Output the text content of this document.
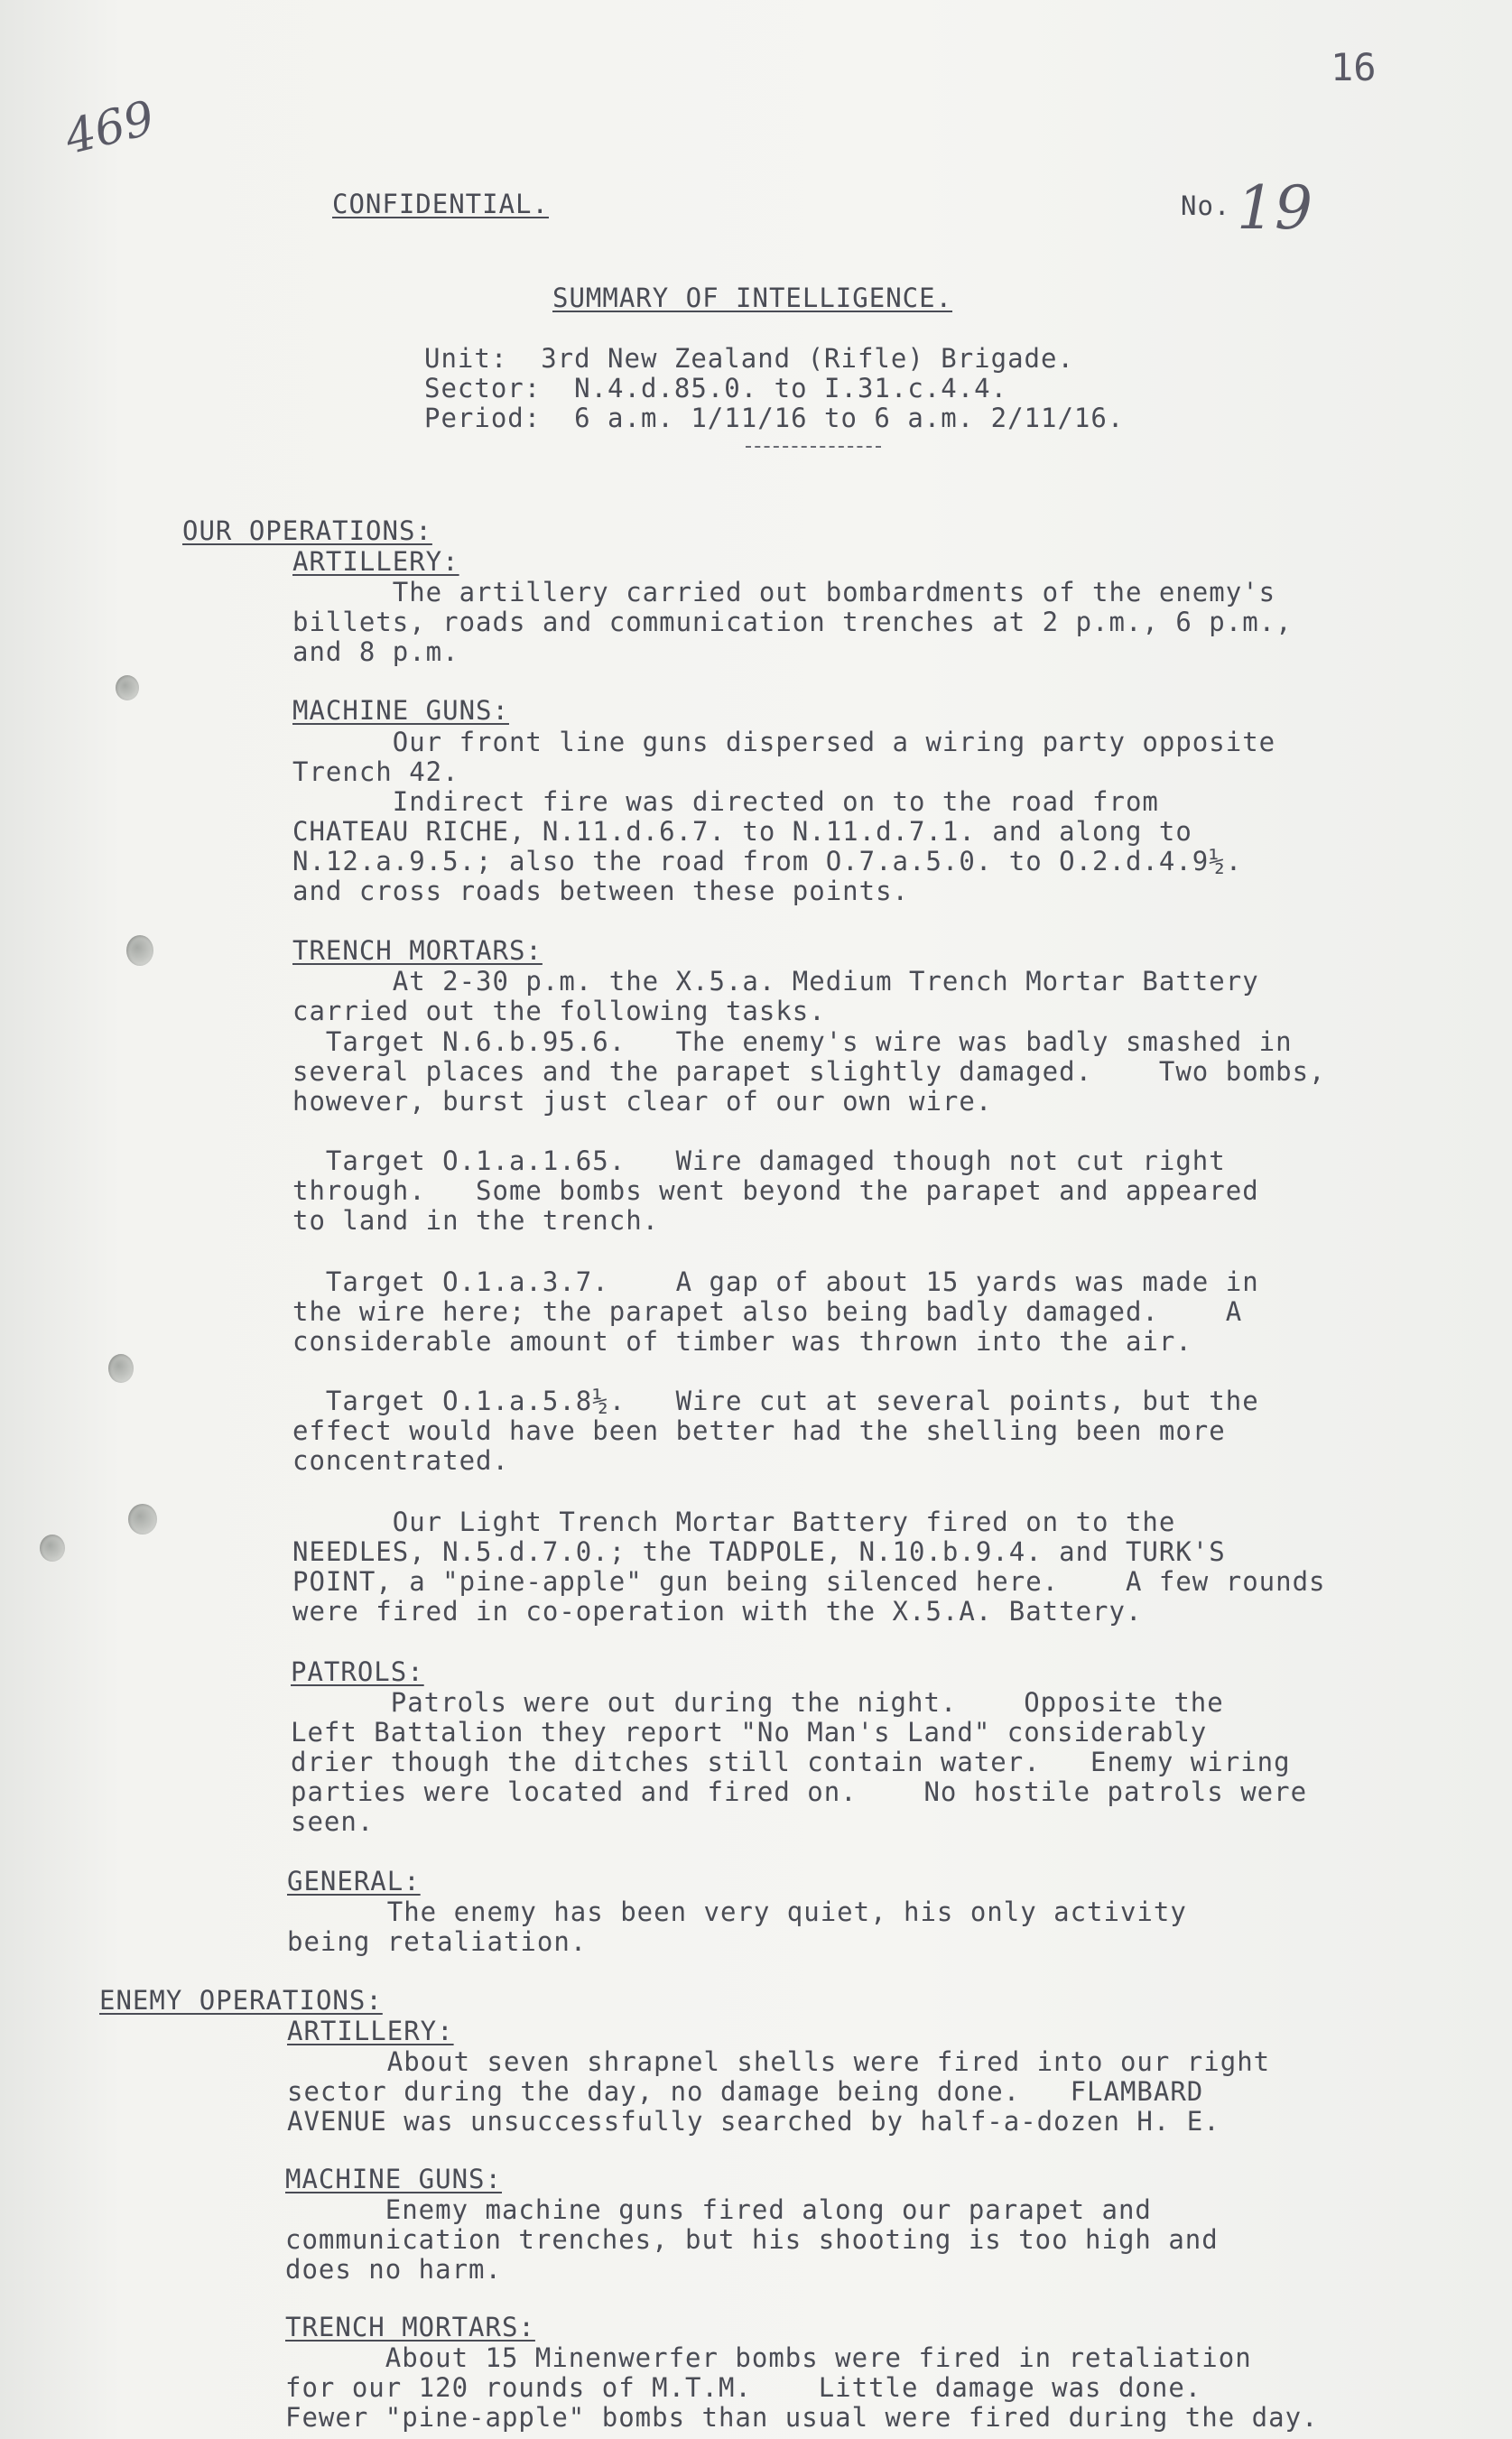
469
16
19
CONFIDENTIAL.	No.
SUMMARY OF INTELLIGENCE.
Unit:  3rd New Zealand (Rifle) Brigade.
Sector:  N.4.d.85.0. to I.31.c.4.4.
Period:  6 a.m. 1/11/16 to 6 a.m. 2/11/16.
OUR OPERATIONS:
ARTILLERY:
The artillery carried out bombardments of the enemy's
billets, roads and communication trenches at 2 p.m., 6 p.m.,
and 8 p.m.
MACHINE GUNS:
Our front line guns dispersed a wiring party opposite
Trench 42.
Indirect fire was directed on to the road from
CHATEAU RICHE, N.11.d.6.7. to N.11.d.7.1. and along to
N.12.a.9.5.; also the road from O.7.a.5.0. to O.2.d.4.9½.
and cross roads between these points.
TRENCH MORTARS:
At 2-30 p.m. the X.5.a. Medium Trench Mortar Battery
carried out the following tasks.
Target N.6.b.95.6.   The enemy's wire was badly smashed in
several places and the parapet slightly damaged.    Two bombs,
however, burst just clear of our own wire.
Target O.1.a.1.65.   Wire damaged though not cut right
through.   Some bombs went beyond the parapet and appeared
to land in the trench.
Target O.1.a.3.7.    A gap of about 15 yards was made in
the wire here; the parapet also being badly damaged.    A
considerable amount of timber was thrown into the air.
Target O.1.a.5.8½.   Wire cut at several points, but the
effect would have been better had the shelling been more
concentrated.
Our Light Trench Mortar Battery fired on to the
NEEDLES, N.5.d.7.0.; the TADPOLE, N.10.b.9.4. and TURK'S
POINT, a "pine-apple" gun being silenced here.    A few rounds
were fired in co-operation with the X.5.A. Battery.
PATROLS:
Patrols were out during the night.    Opposite the
Left Battalion they report "No Man's Land" considerably
drier though the ditches still contain water.   Enemy wiring
parties were located and fired on.    No hostile patrols were
seen.
GENERAL:
The enemy has been very quiet, his only activity
being retaliation.
ENEMY OPERATIONS:
ARTILLERY:
About seven shrapnel shells were fired into our right
sector during the day, no damage being done.   FLAMBARD
AVENUE was unsuccessfully searched by half-a-dozen H. E.
MACHINE GUNS:
Enemy machine guns fired along our parapet and
communication trenches, but his shooting is too high and
does no harm.
TRENCH MORTARS:
About 15 Minenwerfer bombs were fired in retaliation
for our 120 rounds of M.T.M.    Little damage was done.
Fewer "pine-apple" bombs than usual were fired during the day.
